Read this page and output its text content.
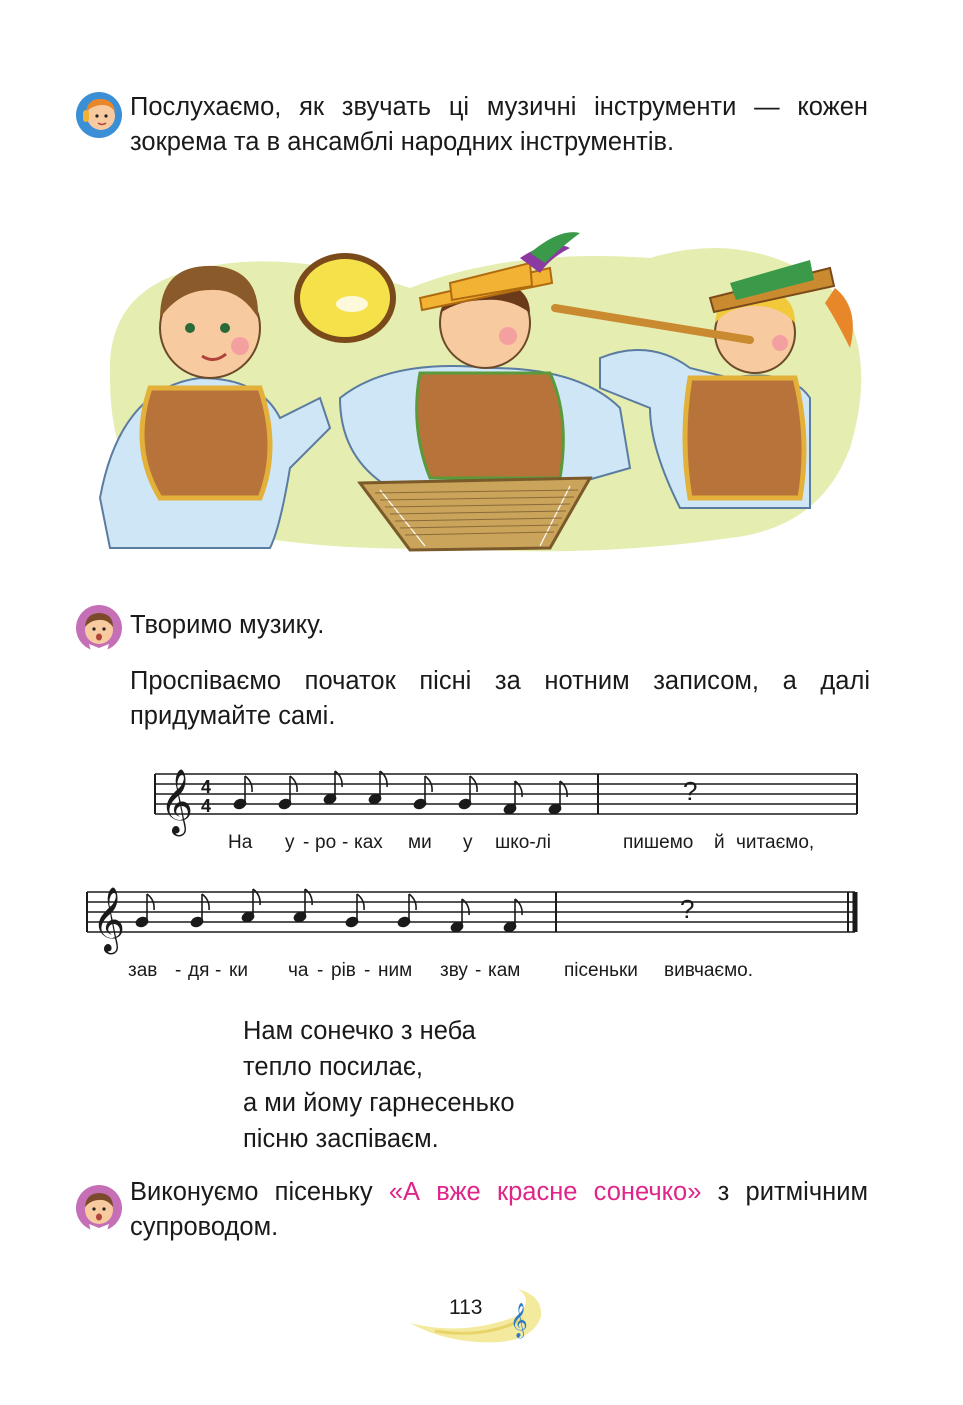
Послухаємо, як звучать ці музичні інструменти — кожен зокрема та в ансамблі народних інструментів.
Творимо музику.
Проспіваємо початок пісні за нотним записом, а далі придумайте самі.
𝄞 4
4	?
На у - ро - ках ми у шко-лі	пишемо й читаємо,
𝄞	?
зав - дя - ки ча - рів - ним зву - кам пісеньки вивчаємо.
Нам сонечко з неба
тепло посилає,
а ми йому гарнесенько
пісню заспіваєм.
Виконуємо пісеньку «А вже красне сонечко» з ритмічним супроводом.
113 𝄞
